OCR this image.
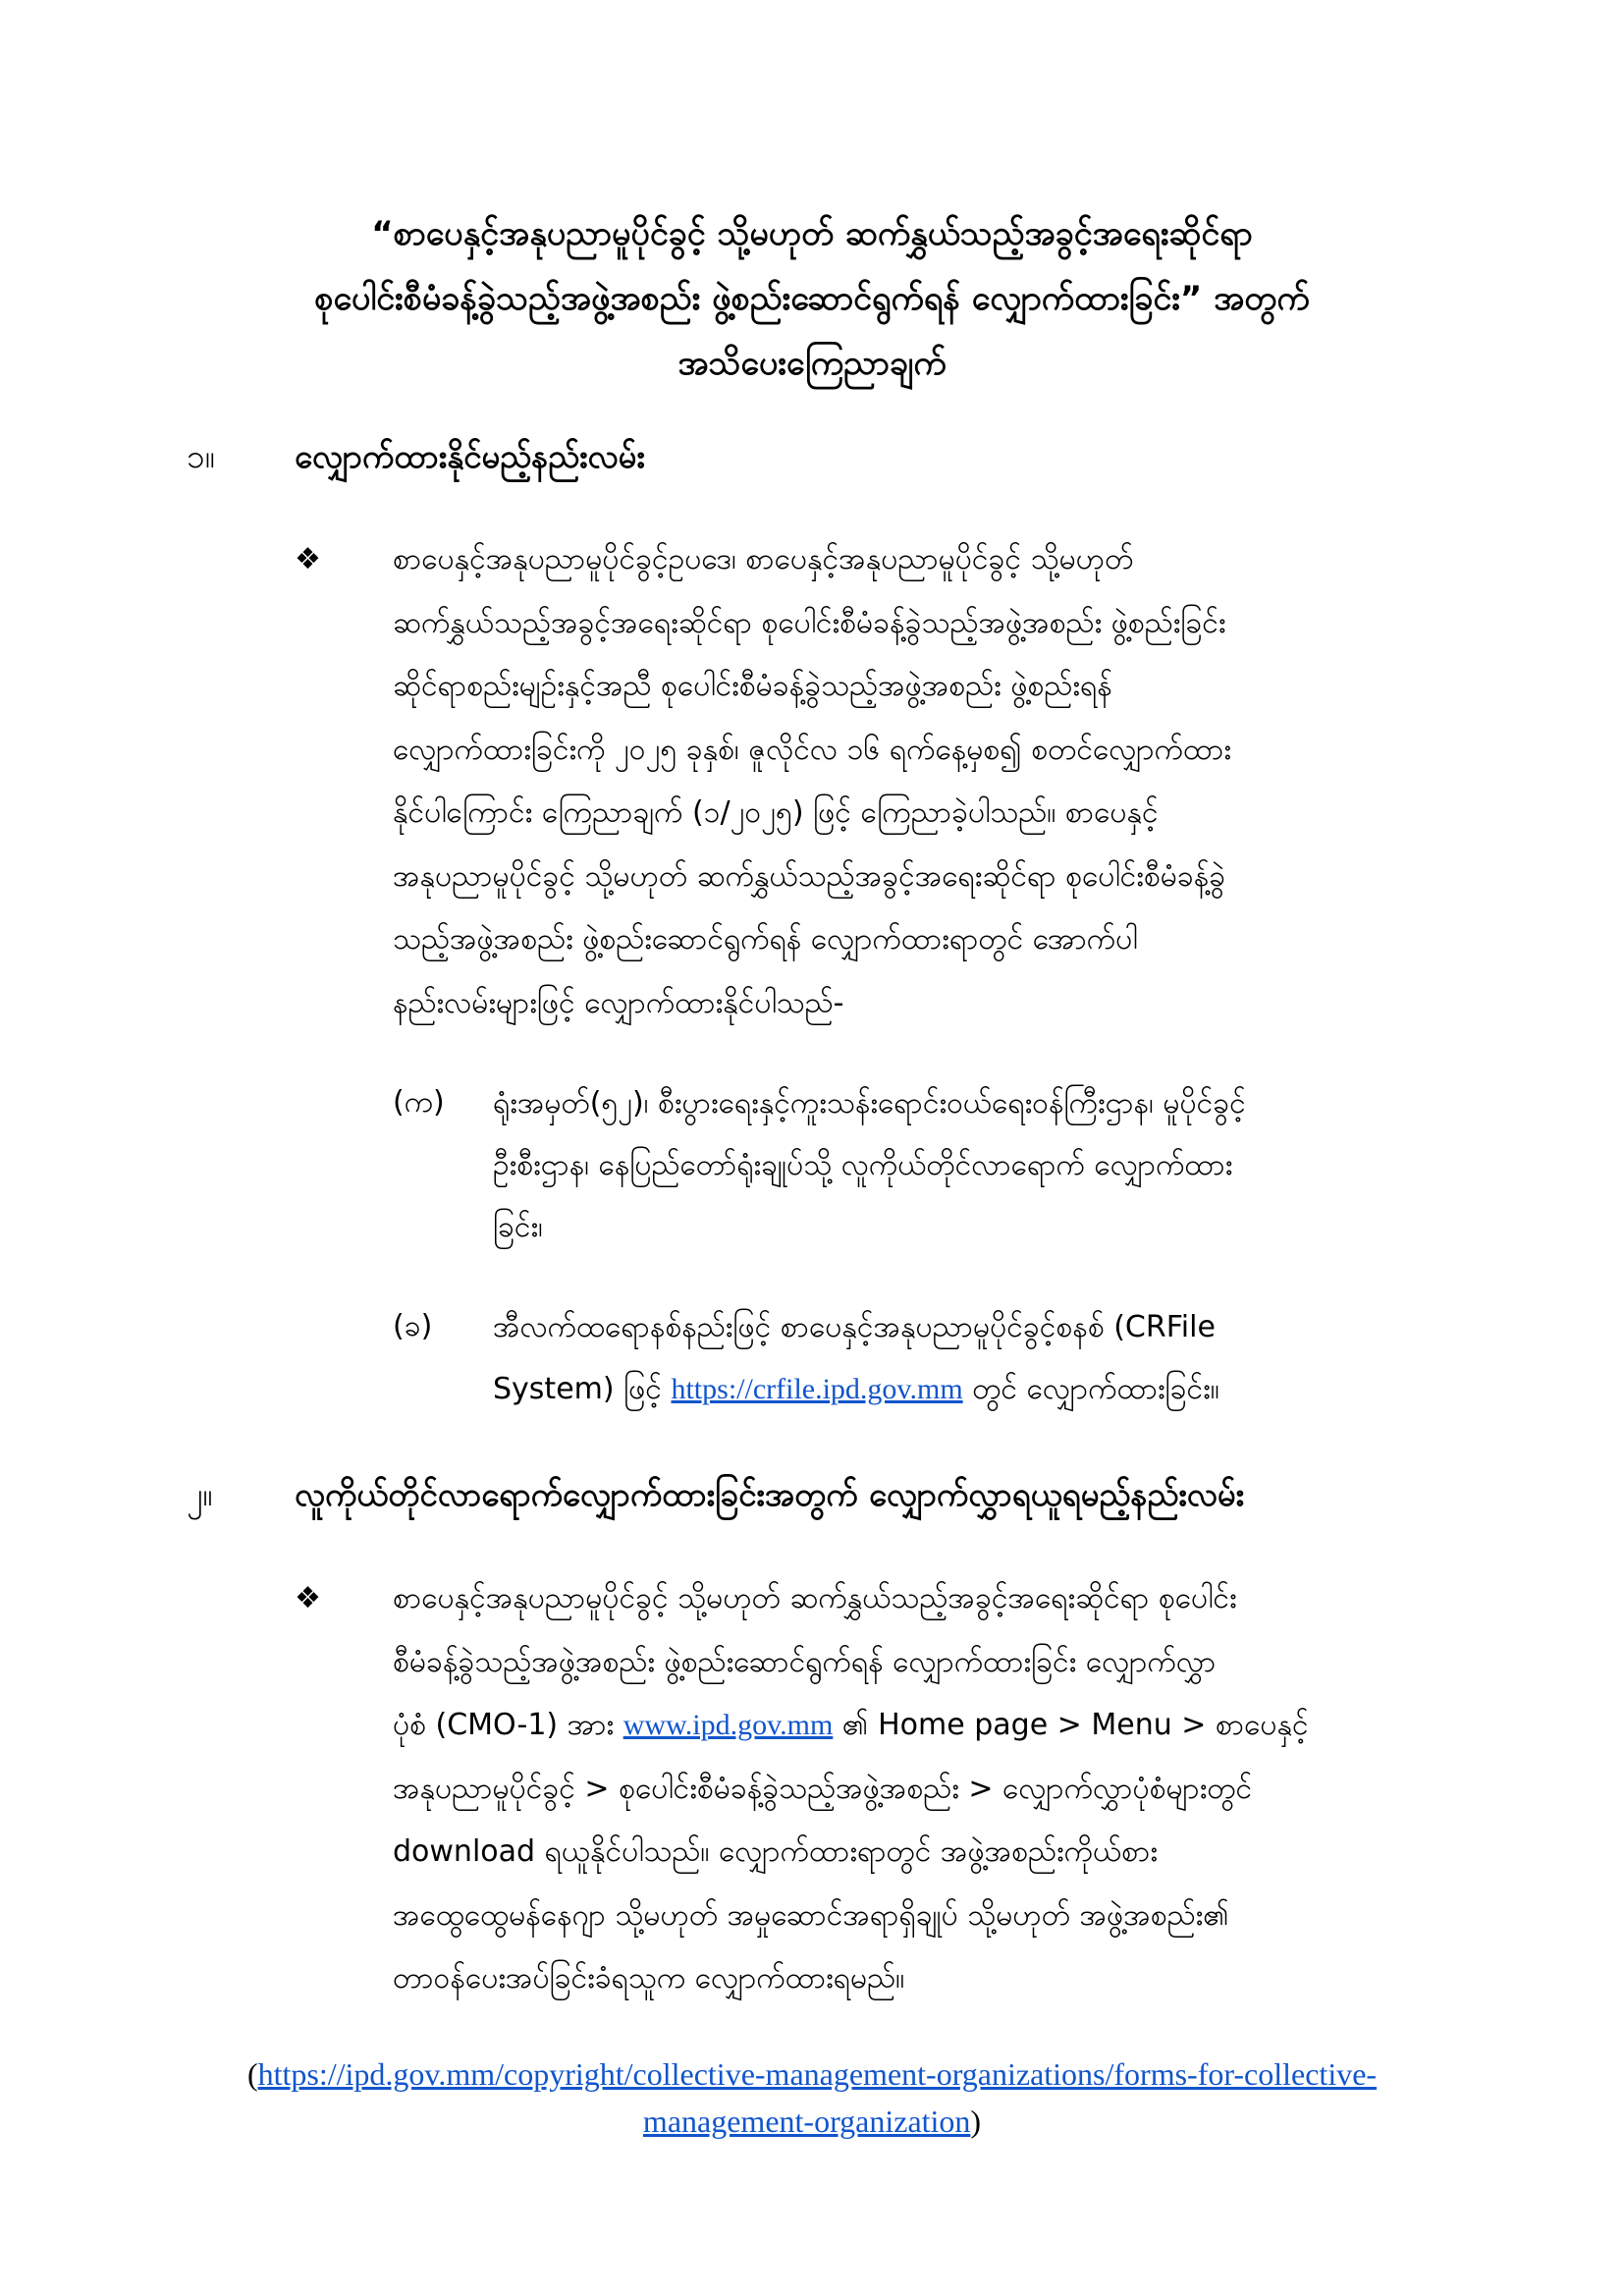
“စာပေနှင့်အနုပညာမူပိုင်ခွင့် သို့မဟုတ် ဆက်နွှယ်သည့်အခွင့်အရေးဆိုင်ရာ
စုပေါင်းစီမံခန့်ခွဲသည့်အဖွဲ့အစည်း ဖွဲ့စည်းဆောင်ရွက်ရန် လျှောက်ထားခြင်း” အတွက်
အသိပေးကြေညာချက်
၁။ လျှောက်ထားနိုင်မည့်နည်းလမ်း
❖ စာပေနှင့်အနုပညာမူပိုင်ခွင့်ဥပဒေ၊ စာပေနှင့်အနုပညာမူပိုင်ခွင့် သို့မဟုတ်
ဆက်နွှယ်သည့်အခွင့်အရေးဆိုင်ရာ စုပေါင်းစီမံခန့်ခွဲသည့်အဖွဲ့အစည်း ဖွဲ့စည်းခြင်း
ဆိုင်ရာစည်းမျဉ်းနှင့်အညီ စုပေါင်းစီမံခန့်ခွဲသည့်အဖွဲ့အစည်း ဖွဲ့စည်းရန်
လျှောက်ထားခြင်းကို ၂၀၂၅ ခုနှစ်၊ ဇူလိုင်လ ၁၆ ရက်နေ့မှစ၍ စတင်လျှောက်ထား
နိုင်ပါကြောင်း ကြေညာချက် (၁/၂၀၂၅) ဖြင့် ကြေညာခဲ့ပါသည်။ စာပေနှင့်
အနုပညာမူပိုင်ခွင့် သို့မဟုတ် ဆက်နွှယ်သည့်အခွင့်အရေးဆိုင်ရာ စုပေါင်းစီမံခန့်ခွဲ
သည့်အဖွဲ့အစည်း ဖွဲ့စည်းဆောင်ရွက်ရန် လျှောက်ထားရာတွင် အောက်ပါ
နည်းလမ်းများဖြင့် လျှောက်ထားနိုင်ပါသည်-
(က) ရုံးအမှတ်(၅၂)၊ စီးပွားရေးနှင့်ကူးသန်းရောင်းဝယ်ရေးဝန်ကြီးဌာန၊ မူပိုင်ခွင့်
ဦးစီးဌာန၊ နေပြည်တော်ရုံးချုပ်သို့ လူကိုယ်တိုင်လာရောက် လျှောက်ထား
ခြင်း၊
(ခ) အီလက်ထရောနစ်နည်းဖြင့် စာပေနှင့်အနုပညာမူပိုင်ခွင့်စနစ် (CRFile
System) ဖြင့် https://crfile.ipd.gov.mm တွင် လျှောက်ထားခြင်း။
၂။	လူကိုယ်တိုင်လာရောက်လျှောက်ထားခြင်းအတွက် လျှောက်လွှာရယူရမည့်နည်းလမ်း
❖ စာပေနှင့်အနုပညာမူပိုင်ခွင့် သို့မဟုတ် ဆက်နွှယ်သည့်အခွင့်အရေးဆိုင်ရာ စုပေါင်း
စီမံခန့်ခွဲသည့်အဖွဲ့အစည်း ဖွဲ့စည်းဆောင်ရွက်ရန် လျှောက်ထားခြင်း လျှောက်လွှာ
ပုံစံ (CMO-1) အား www.ipd.gov.mm ၏ Home page > Menu > စာပေနှင့်
အနုပညာမူပိုင်ခွင့် > စုပေါင်းစီမံခန့်ခွဲသည့်အဖွဲ့အစည်း > လျှောက်လွှာပုံစံများတွင်
download ရယူနိုင်ပါသည်။ လျှောက်ထားရာတွင် အဖွဲ့အစည်းကိုယ်စား
အထွေထွေမန်နေဂျာ သို့မဟုတ် အမှုဆောင်အရာရှိချုပ် သို့မဟုတ် အဖွဲ့အစည်း၏
တာဝန်ပေးအပ်ခြင်းခံရသူက လျှောက်ထားရမည်။
(https://ipd.gov.mm/copyright/collective-management-organizations/forms-for-collective-
management-organization)
